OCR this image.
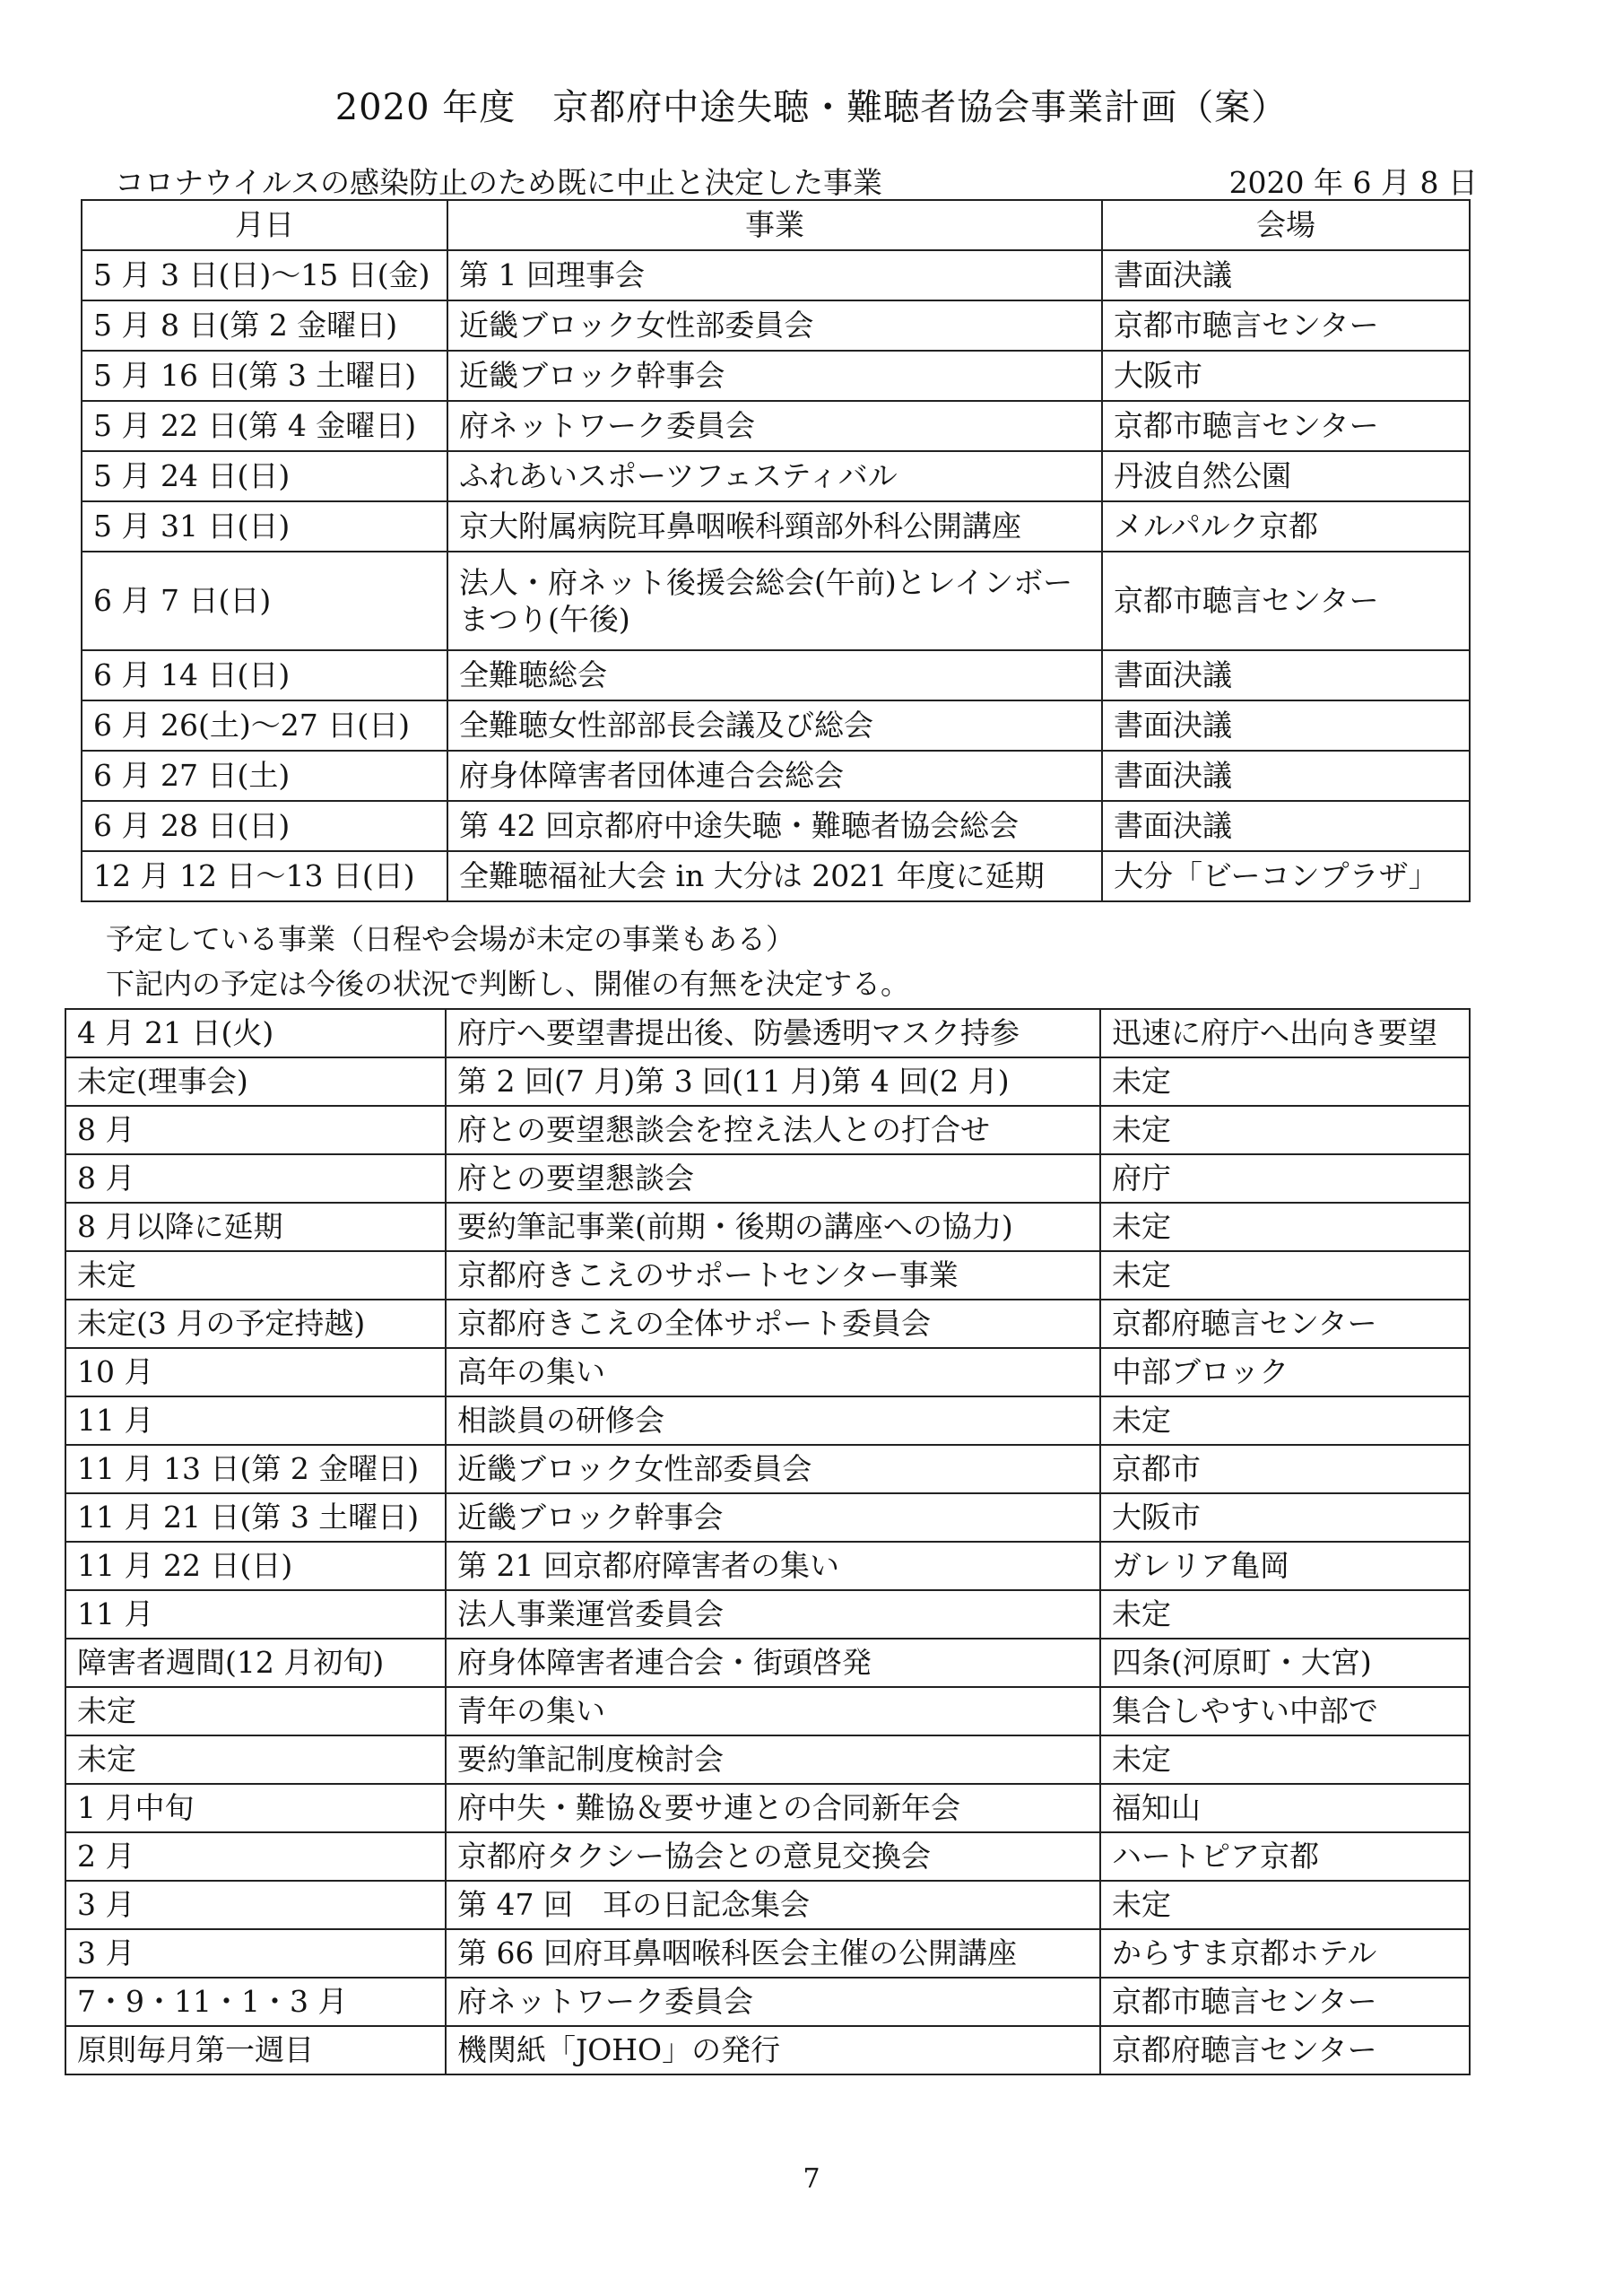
2020 年度　京都府中途失聴・難聴者協会事業計画（案）
コロナウイルスの感染防止のため既に中止と決定した事業	2020 年 6 月 8 日
月日	事業	会場
5 月 3 日(日)〜15 日(金)	第 1 回理事会	書面決議
5 月 8 日(第 2 金曜日)	近畿ブロック女性部委員会	京都市聴言センター
5 月 16 日(第 3 土曜日)	近畿ブロック幹事会	大阪市
5 月 22 日(第 4 金曜日)	府ネットワーク委員会	京都市聴言センター
5 月 24 日(日)	ふれあいスポーツフェスティバル	丹波自然公園
5 月 31 日(日)	京大附属病院耳鼻咽喉科頸部外科公開講座	メルパルク京都
6 月 7 日(日)	法人・府ネット後援会総会(午前)とレインボーまつり(午後)	京都市聴言センター
6 月 14 日(日)	全難聴総会	書面決議
6 月 26(土)〜27 日(日)	全難聴女性部部長会議及び総会	書面決議
6 月 27 日(土)	府身体障害者団体連合会総会	書面決議
6 月 28 日(日)	第 42 回京都府中途失聴・難聴者協会総会	書面決議
12 月 12 日〜13 日(日)	全難聴福祉大会 in 大分は 2021 年度に延期	大分「ビーコンプラザ」
予定している事業（日程や会場が未定の事業もある）
下記内の予定は今後の状況で判断し、開催の有無を決定する。
4 月 21 日(火)	府庁へ要望書提出後、防曇透明マスク持参	迅速に府庁へ出向き要望
未定(理事会)	第 2 回(7 月)第 3 回(11 月)第 4 回(2 月)	未定
8 月	府との要望懇談会を控え法人との打合せ	未定
8 月	府との要望懇談会	府庁
8 月以降に延期	要約筆記事業(前期・後期の講座への協力)	未定
未定	京都府きこえのサポートセンター事業	未定
未定(3 月の予定持越)	京都府きこえの全体サポート委員会	京都府聴言センター
10 月	高年の集い	中部ブロック
11 月	相談員の研修会	未定
11 月 13 日(第 2 金曜日)	近畿ブロック女性部委員会	京都市
11 月 21 日(第 3 土曜日)	近畿ブロック幹事会	大阪市
11 月 22 日(日)	第 21 回京都府障害者の集い	ガレリア亀岡
11 月	法人事業運営委員会	未定
障害者週間(12 月初旬)	府身体障害者連合会・街頭啓発	四条(河原町・大宮)
未定	青年の集い	集合しやすい中部で
未定	要約筆記制度検討会	未定
1 月中旬	府中失・難協＆要サ連との合同新年会	福知山
2 月	京都府タクシー協会との意見交換会	ハートピア京都
3 月	第 47 回　耳の日記念集会	未定
3 月	第 66 回府耳鼻咽喉科医会主催の公開講座	からすま京都ホテル
7・9・11・1・3 月	府ネットワーク委員会	京都市聴言センター
原則毎月第一週目	機関紙「JOHO」の発行	京都府聴言センター
7
